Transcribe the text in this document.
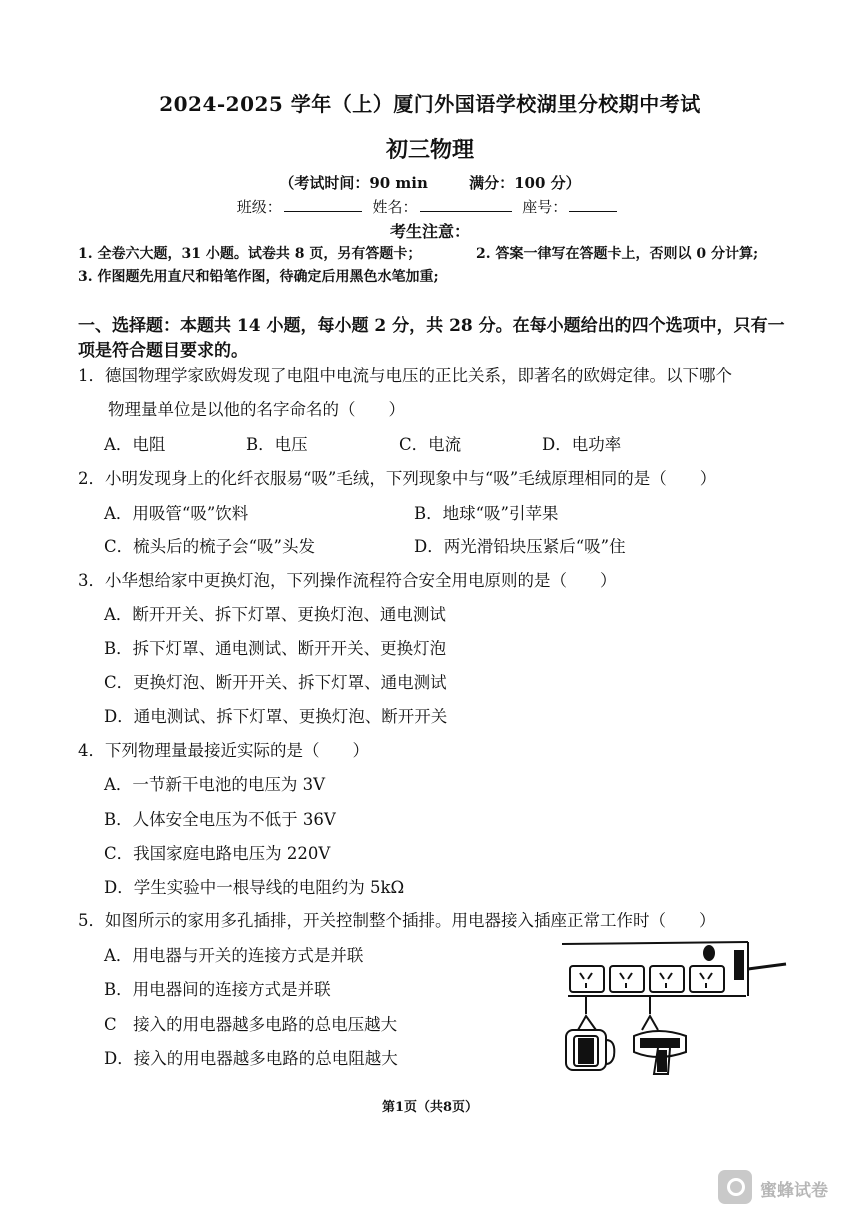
2024-2025 学年（上）厦门外国语学校湖里分校期中考试
初三物理
（考试时间：90 min	满分：100 分）
班级：	姓名：	座号：
考生注意：
1. 全卷六大题，31 小题。试卷共 8 页，另有答题卡；	2. 答案一律写在答题卡上，否则以 0 分计算;
3. 作图题先用直尺和铅笔作图，待确定后用黑色水笔加重;
一、选择题：本题共 14 小题，每小题 2 分，共 28 分。在每小题给出的四个选项中，只有一
项是符合题目要求的。
1．德国物理学家欧姆发现了电阻中电流与电压的正比关系，即著名的欧姆定律。以下哪个
物理量单位是以他的名字命名的（　　）
A．电阻	B．电压	C．电流	D．电功率
2．小明发现身上的化纤衣服易“吸”毛绒，下列现象中与“吸”毛绒原理相同的是（　　）
A．用吸管“吸”饮料	B．地球“吸”引苹果
C．梳头后的梳子会“吸”头发	D．两光滑铅块压紧后“吸”住
3．小华想给家中更换灯泡，下列操作流程符合安全用电原则的是（　　）
A．断开开关、拆下灯罩、更换灯泡、通电测试
B．拆下灯罩、通电测试、断开开关、更换灯泡
C．更换灯泡、断开开关、拆下灯罩、通电测试
D．通电测试、拆下灯罩、更换灯泡、断开开关
4．下列物理量最接近实际的是（　　）
A．一节新干电池的电压为 3V
B．人体安全电压为不低于 36V
C．我国家庭电路电压为 220V
D．学生实验中一根导线的电阻约为 5kΩ
5．如图所示的家用多孔插排，开关控制整个插排。用电器接入插座正常工作时（　　）
A．用电器与开关的连接方式是并联
B．用电器间的连接方式是并联
C　接入的用电器越多电路的总电压越大
D．接入的用电器越多电路的总电阻越大
第1页（共8页）
蜜蜂试卷
